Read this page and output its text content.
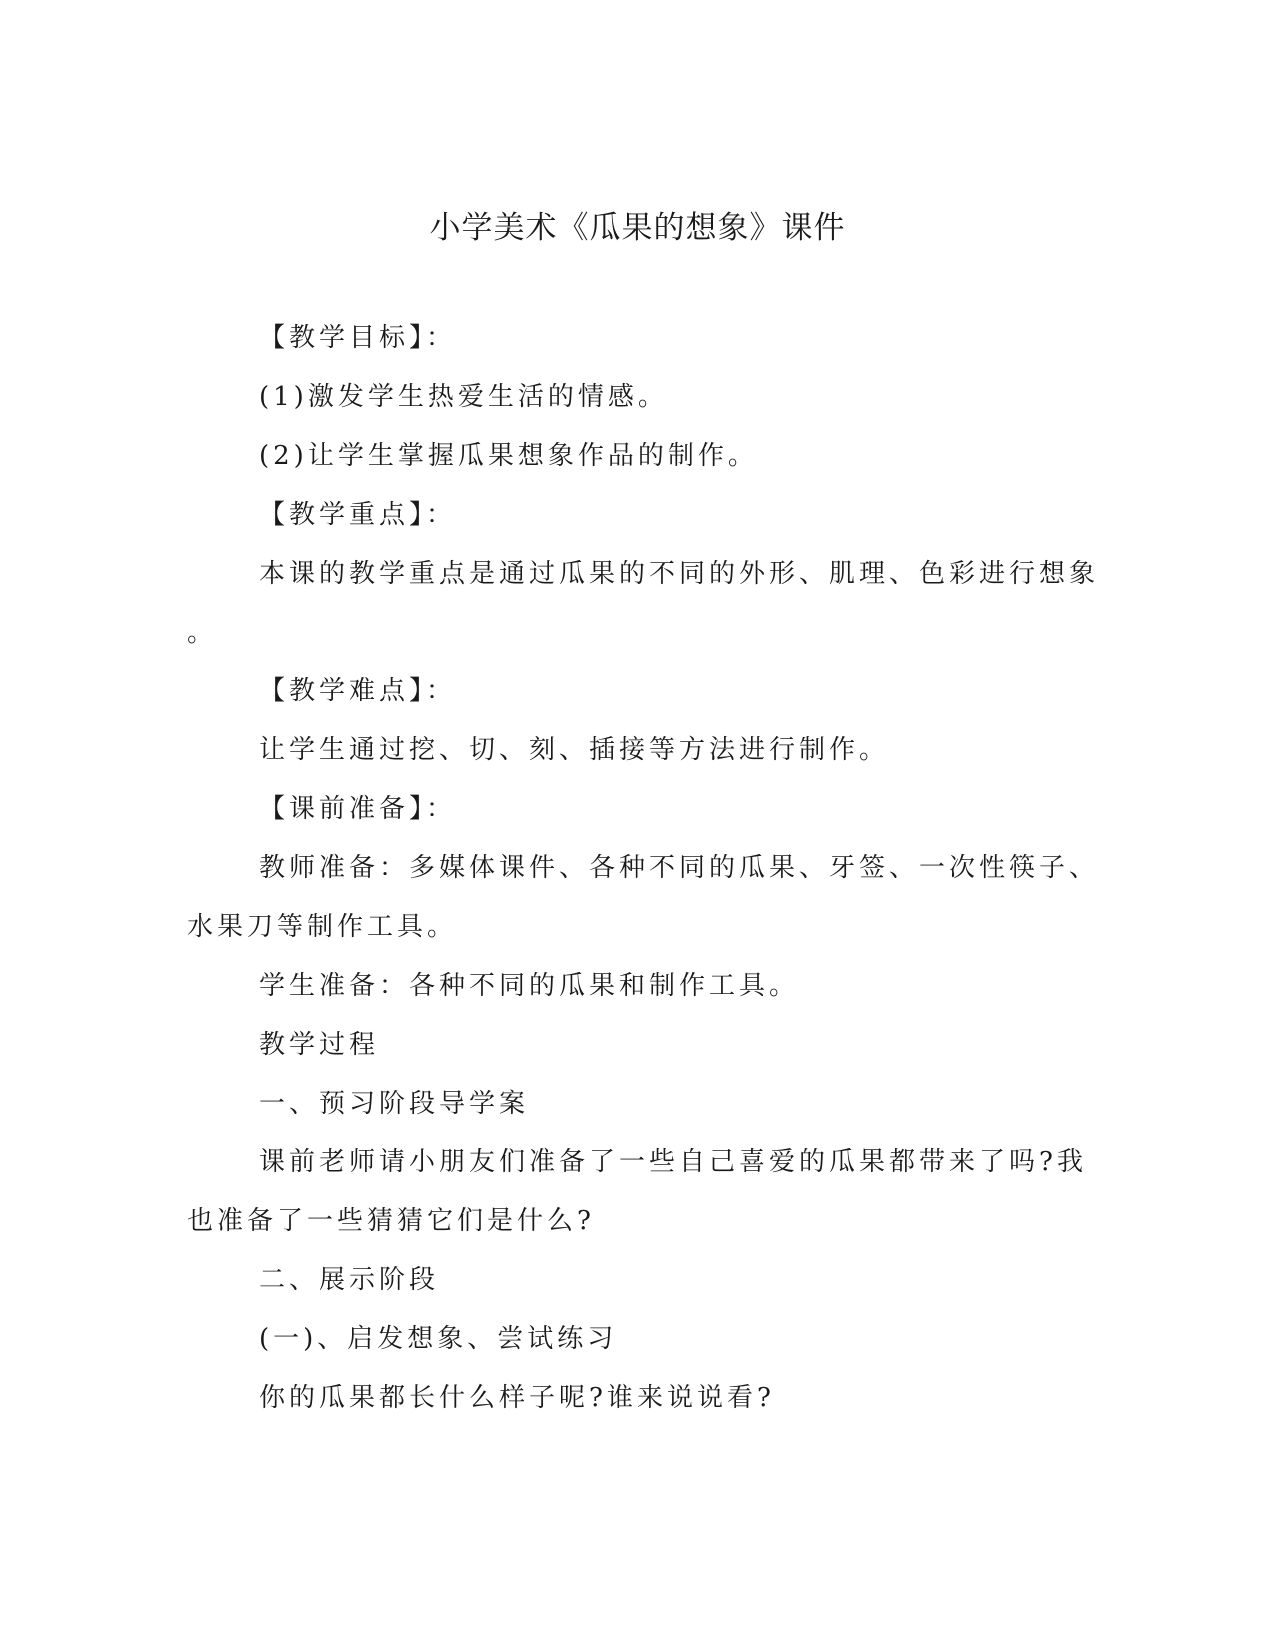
小学美术《瓜果的想象》课件
【教学目标】：
(1)激发学生热爱生活的情感。
(2)让学生掌握瓜果想象作品的制作。
【教学重点】：
本课的教学重点是通过瓜果的不同的外形、肌理、色彩进行想象
。
【教学难点】：
让学生通过挖、切、刻、插接等方法进行制作。
【课前准备】：
教师准备：多媒体课件、各种不同的瓜果、牙签、一次性筷子、
水果刀等制作工具。
学生准备：各种不同的瓜果和制作工具。
教学过程
一、预习阶段导学案
课前老师请小朋友们准备了一些自己喜爱的瓜果都带来了吗?我
也准备了一些猜猜它们是什么?
二、展示阶段
(一)、启发想象、尝试练习
你的瓜果都长什么样子呢?谁来说说看?
